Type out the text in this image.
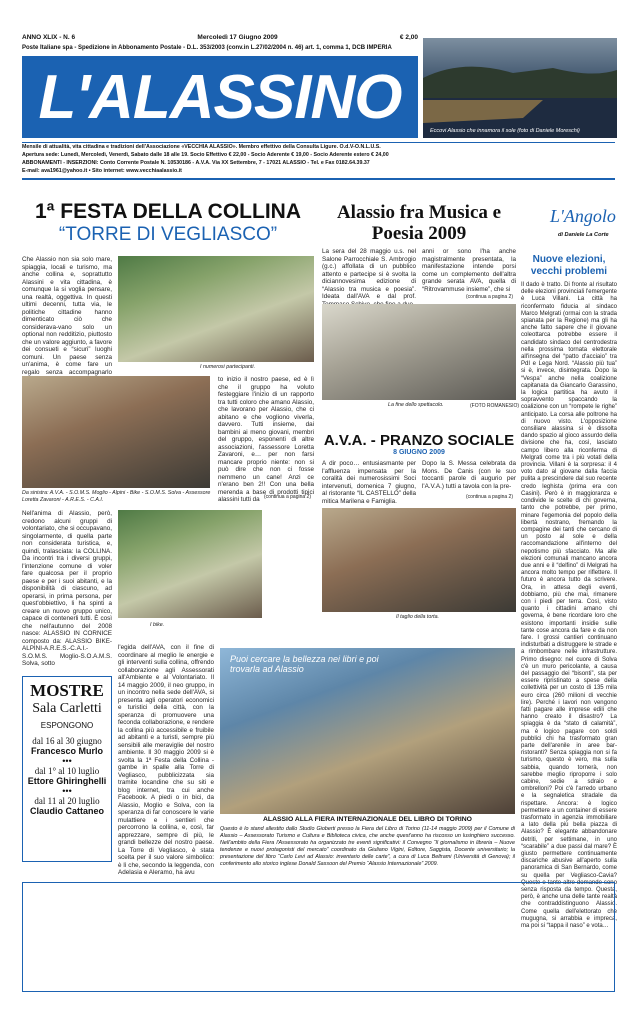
ANNO XLIX - N. 6	Mercoledì 17 Giugno 2009	€ 2,00
Poste Italiane spa - Spedizione in Abbonamento Postale - D.L. 353/2003 (conv.in L.27/02/2004 n. 46) art. 1, comma 1, DCB IMPERIA
L'ALASSINO	Eccovi Alassio che innamora il sole (foto di Daniele Moreschi)
Mensile di attualità, vita cittadina e tradizioni dell'Associazione «VECCHIA ALASSIO». Membro effettivo della Consulta Ligure. O.d.V-O.N.L.U.S.
Apertura sede: Lunedì, Mercoledì, Venerdì, Sabato dalle 18 alle 19. Socio Effettivo € 22,00 - Socio Aderente € 19,00 - Socio Aderente estero € 24,00
ABBONAMENTI - INSERZIONI: Conto Corrente Postale N. 10530186 - A.V.A. Via XX Settembre, 7 - 17021 ALASSIO - Tel. e Fax 0182.64.39.37
E-mail: ava1961@yahoo.it • Sito internet: www.vecchiaalassio.it
1ª FESTA DELLA COLLINA
“TORRE DI VEGLIASCO”
Che Alassio non sia solo mare, spiaggia, locali e turismo, ma anche collina e, soprattutto Alassini e vita cittadina, è comunque la si voglia pensare, una realtà, oggettiva. In questi ultimi decenni, tutta via, le politiche cittadine hanno dimenticato ciò che considerava-vano solo un optional non redditizio, piuttosto che un valore aggiunto, a favore dei consueti e “sicuri” luoghi comuni. Un paese senza un'anima, è come fare un regalo senza accompagnarlo
I numerosi partecipanti.
Da sinistra: A.V.A. - S.O.M.S. Moglio - Alpini - Bike - S.O.M.S. Solva - Assessore Loretta Zavaroni - A.R.E.S. - C.A.I.
to inizio il nostro paese, ed è lì che il gruppo ha voluto festeggiare l'inizio di un rapporto tra tutti coloro che amano Alassio, che lavorano per Alassio, che ci abitano e che vogliono viverla, davvero. Tutti insieme, dai bambini ai meno giovani, membri del gruppo, esponenti di altre associazioni, l'assessore Loretta Zavaroni, e… per non farsi mancare proprio niente: non si può dire che non ci fosse nemmeno un cane! Anzi ce n'erano ben 2!! Con una bella merenda a base di prodotti tipici alassini tutti da (continua a pagina 2)
Nell'anima di Alassio, però, credono alcuni gruppi di volontariato, che si occupavano, singolarmente, di quella parte non considerata turistica, e, quindi, tralasciata: la COLLINA. Da incontri tra i diversi gruppi, l'intenzione comune di voler fare qualcosa per il proprio paese e per i suoi abitanti, e la disponibilità di ciascuno, ad operarsi, in prima persona, per quest'obbiettivo, li ha spinti a creare un nuovo gruppo unico, capace di contenerli tutti. È così che nell'autunno del 2008 nasce: ALASSIO IN CORNICE composto da: ALASSIO BIKE-ALPINI-A.R.E.S.-C.A.I.-S.O.M.S. Moglio-S.O.A.M.S. Solva, sotto
I bike.
l'egida dell'AVA, con il fine di coordinare al meglio le energie e gli interventi sulla collina, offrendo collaborazione agli Assessorati all'Ambiente e al Volontariato. Il 14 maggio 2009, il neo gruppo, in un incontro nella sede dell'AVA, si presenta agli operatori economici e turistici della città, con la speranza di promuovere una feconda collaborazione, e rendere la collina più accessibile e fruibile ad abitanti e a turisti, sempre più sensibili alle meraviglie del nostro ambiente. Il 30 maggio 2009 si è svolta la 1ª Festa della Collina - gambe in spalle alla Torre di Vegliasco, pubblicizzata sia tramite locandine che su siti e blog internet, tra cui anche Facebook. A piedi o in bici, da Alassio, Moglio e Solva, con la speranza di far conoscere le varie mulattiere e i sentieri che percorrono la collina, e, così, far apprezzare, sempre di più, le grandi bellezze del nostro paese. La Torre di Vegliasco, è stata scelta per il suo valore simbolico: è lì che, secondo la leggenda, con Adelasia e Aleramo, ha avu
Alassio fra Musica e Poesia 2009
La sera del 28 maggio u.s. nel Salone Parrocchiale S. Ambrogio (g.c.) affollata di un pubblico attento e partecipe si è svolta la diciannovesima edizione di “Alassio tra musica e poesia”. Ideata dall'AVA e dal prof.
anni or sono l'ha anche magistralmente presentata, la manifestazione intende porsi come un complemento dell'altra grande serata AVA, quella di “Ritrovammuse insieme”, che si
(continua a pagina 2)
La fine dello spettacolo.	(FOTO ROMANESIO)
A.V.A. - PRANZO SOCIALE
8 GIUGNO 2009
A dir poco… entusiasmante per l'affluenza impensata per la coralità dei numerosissimi Soci intervenuti, domenica 7 giugno, al ristorante “IL CASTELLO” della mitica Marilena e Famiglia.
Dopo la S. Messa celebrata da Mons. De Canis (con le suo toccanti parole di augurio per l'A.V.A.) tutti a tavola con la pre-
(continua a pagina 2)
Il taglio della torta.
L'Angolo
di Daniele La Corte
Nuove elezioni, vecchi problemi
Il dado è tratto. Di fronte al risultato delle elezioni provinciali l'emergente è Luca Villani. La città ha riconfermato fiducia al sindaco Marco Melgrati (ormai con la strada spianata per la Regione) ma gli ha anche fatto sapere che il giovane coleottarca potrebbe essere il candidato sindaco del centrodestra nella prossima tornata elettorale all'insegna del “patto d'acciaio” tra PdI e Lega Nord. “Alassio più tua” si è, invece, disintegrata. Dopo la “Vespa” anche nella coalizione capitanata da Giancarlo Garassino, la logica partitica ha avuto il sopravvento spaccando la coalizione con un “rompete le righe” anticipato. La corsa alle poltrone ha di nuovo visto. L'opposizione consiliare alassina si è dissolta dando spazio al gioco assurdo della divisione che ha, così, lasciato campo libero alla riconferma di Melgrati come tra i più votati della provincia. Villani è la sorpresa: il 4 voto dato al giovane dalla faccia pulita a prescindere dal suo recente credo leghista (prima era con Casini). Però è in maggioranza e condivide le scelte di chi governa, tanto che potrebbe, per primo, minare l'egemonia del popolo della libertà nostrano, fremando la compagine dei tanti che cercano di un posto al sole e della raccomandazione all'interno del nepotismo più sfacciato. Ma alle elezioni comunali mancano ancora due anni e il “delfino” di Melgrati ha ancora molto tempo per riflettere. Il futuro è ancora tutto da scrivere. Ora, in attesa degli eventi, dobbiamo, più che mai, rimanere con i piedi per terra. Così, visto quanto i cittadini amano chi governa, è bene ricordare loro che esistono importanti insidie sulle tante cose ancora da fare e da non fare. I grossi cantieri continuano indisturbati a distruggere le strade e a rimbombare nelle infrastrutture. Primo disegno: nel cuore di Solva c'è un muro pericolante, a causa del passaggio dei “bisonti”, sta per essere ripristinato a spese della collettività per un costo di 135 mila euro circa (260 milioni di vecchie lire). Perché i lavori non vengono fatti pagare alle imprese edili che hanno creato il disastro? La spiaggia è da “stato di calamità”, ma è logico pagare con soldi pubblici chi ha trasformato gran parte dell'arenile in aree bar-ristoranti? Senza spiaggia non si fa turismo, questo è vero, ma sulla sabbia, quando tornerà, non sarebbe meglio riproporre i solo cabine, sedie a sdraio e ombrelloni? Poi c'è l'arredo urbano e la segnaletica stradale da rispettare. Ancora: è logico permettere a un container di essere trasformato in agenzia immobiliare a lato della più bella piazza di Alassio? È elegante abbandonare detriti, per settimane, in uno “scarabile” a due passi dal mare? È giusto permettere continuamente discariche abusive all'aperto sulla panoramica di San Bernardo, come su quella per Vegliasco-Cavia? Queste e tante altre domande sono senza risposta da tempo. Questa, però, è anche una delle tante realtà che contraddistinguono Alassio. Come quella dell'elettorato che mugugna, si arrabbia e impreca, ma poi si “tappa il naso” e vota…
MOSTRE
Sala Carletti
ESPONGONO
dal 16 al 30 giugno
Francesco Murlo
•••
dal 1° al 10 luglio
Ettore Ghiringhelli
•••
dal 11 al 20 luglio
Claudio Cattaneo
Puoi cercare la bellezza nei libri e poi trovarla ad Alassio
ALASSIO ALLA FIERA INTERNAZIONALE DEL LIBRO DI TORINO
Questo è lo stand allestito dallo Studio Gioberti presso la Fiera del Libro di Torino (11-14 maggio 2009) per il Comune di Alassio – Assessorato Turismo e Cultura e Biblioteca civica, che anche quest'anno ha riscosso un lusinghiero successo. Nell'ambito della Fiera l'Assessorato ha organizzato tre eventi significativi: il Convegno “Il giornalismo in libreria – Nuove tendenze e nuovi protagonisti del mercato” coordinato da Giuliano Vigini, Editore, Saggista, Docente universitario; la presentazione del libro “Carlo Levi ad Alassio: inventario delle carte”, a cura di Luca Beltrami (Università di Genova); il conferimento allo storico inglese Donald Sassoon del Premio “Alassio Internazionale” 2009.
